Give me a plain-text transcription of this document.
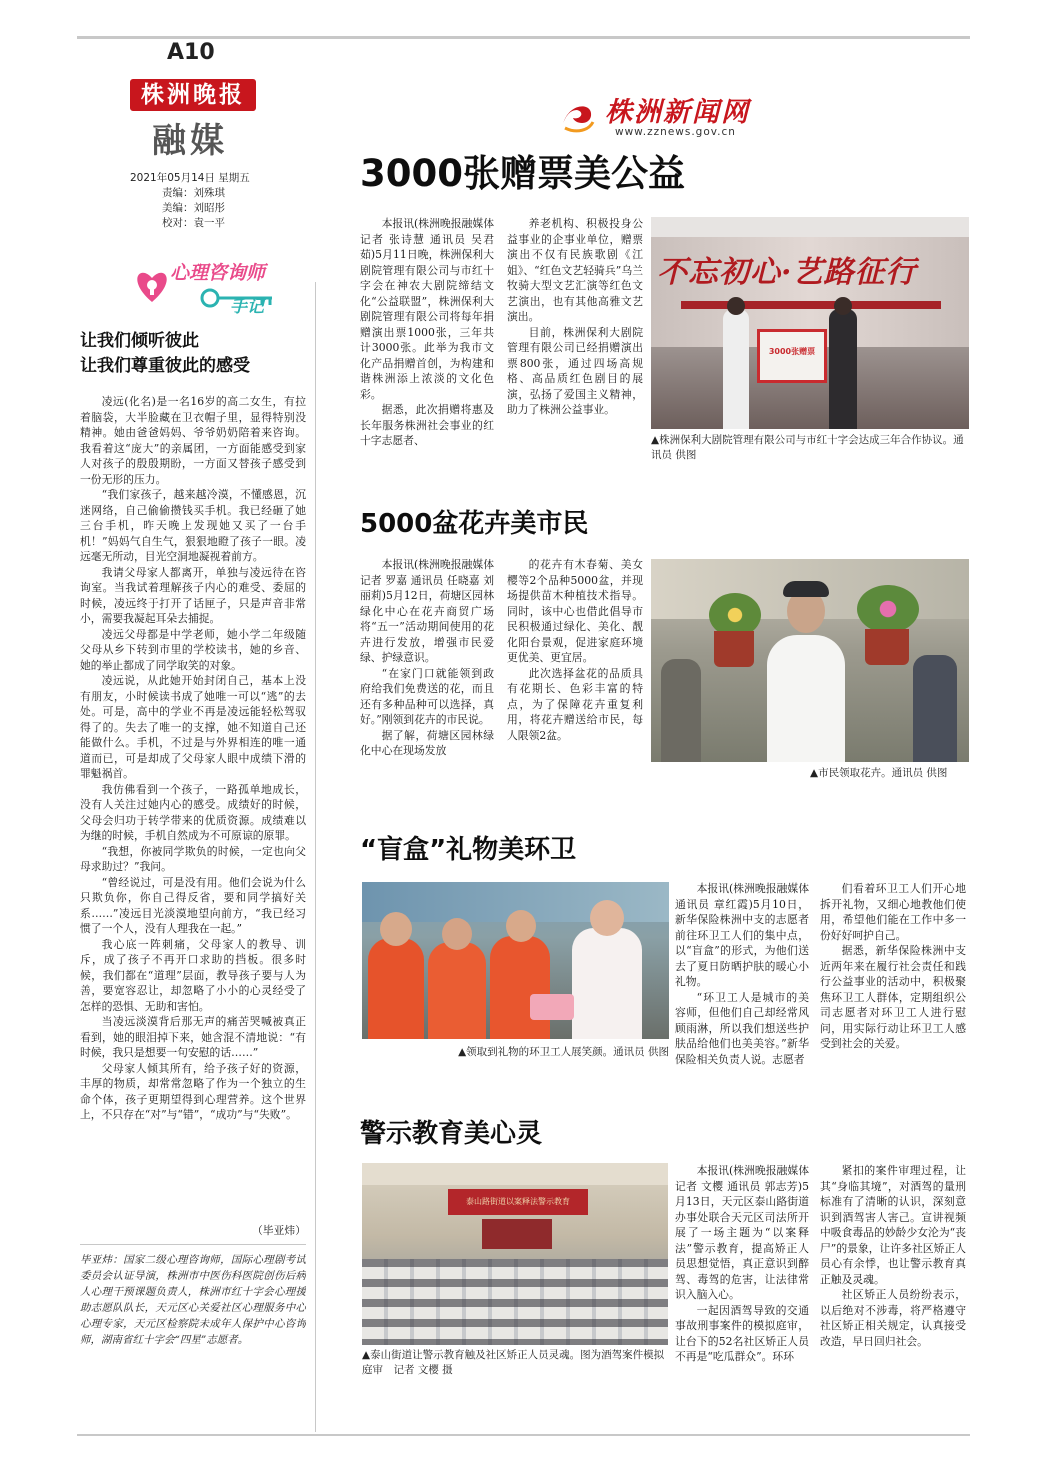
A10
株洲晚报
融媒
2021年05月14日 星期五
责编：刘殊琪
美编：刘昭彤
校对：袁一平
心理咨询师
手记
让我们倾听彼此
让我们尊重彼此的感受

凌远(化名)是一名16岁的高二女生，有拉着脑袋，大半脸藏在卫衣帽子里，显得特别没精神。她由爸爸妈妈、爷爷奶奶陪着来咨询。我看着这“庞大”的亲属团，一方面能感受到家人对孩子的殷殷期盼，一方面又替孩子感受到一份无形的压力。

“我们家孩子，越来越冷漠，不懂感恩，沉迷网络，自己偷偷攒钱买手机。我已经砸了她三台手机，昨天晚上发现她又买了一台手机！”妈妈气自生气，狠狠地瞪了孩子一眼。凌远毫无所动，目光空洞地凝视着前方。

我请父母家人都离开，单独与凌远待在咨询室。当我试着理解孩子内心的难受、委屈的时候，凌远终于打开了话匣子，只是声音非常小，需要我凝起耳朵去捕捉。

凌远父母都是中学老师，她小学二年级随父母从乡下转到市里的学校读书，她的乡音、她的举止都成了同学取笑的对象。

凌远说，从此她开始封闭自己，基本上没有朋友，小时候读书成了她唯一可以“逃”的去处。可是，高中的学业不再是凌远能轻松驾驭得了的。失去了唯一的支撑，她不知道自己还能做什么。手机，不过是与外界相连的唯一通道而已，可是却成了父母家人眼中成绩下滑的罪魁祸首。

我仿佛看到一个孩子，一路孤单地成长，没有人关注过她内心的感受。成绩好的时候，父母会归功于转学带来的优质资源。成绩难以为继的时候，手机自然成为不可原谅的原罪。

“我想，你被同学欺负的时候，一定也向父母求助过？”我问。

“曾经说过，可是没有用。他们会说为什么只欺负你，你自己得反省，要和同学搞好关系……”凌远目光淡漠地望向前方，“我已经习惯了一个人，没有人理我在一起。”

我心底一阵刺痛，父母家人的教导、训斥，成了孩子不再开口求助的挡板。很多时候，我们都在“道理”层面，教导孩子要与人为善，要宽容忍让，却忽略了小小的心灵经受了怎样的恐惧、无助和害怕。

当凌远淡漠背后那无声的痛苦哭喊被真正看到，她的眼泪掉下来，她含混不清地说：“有时候，我只是想要一句安慰的话……”

父母家人倾其所有，给予孩子好的资源，丰厚的物质，却常常忽略了作为一个独立的生命个体，孩子更期望得到心理营养。这个世界上，不只存在“对”与“错”，“成功”与“失败”。

（毕亚炜）
毕亚炜：国家二级心理咨询师，国际心理剧考试委员会认证导演，株洲市中医伤科医院创伤后病人心理干预课题负责人，株洲市红十字会心理援助志愿队队长，天元区心关爱社区心理服务中心心理专家，天元区检察院未成年人保护中心咨询师，湖南省红十字会“四星”志愿者。
株洲新闻网
www.zznews.gov.cn
3000张赠票美公益

本报讯(株洲晚报融媒体记者 张诗慧 通讯员 吴君茹)5月11日晚，株洲保利大剧院管理有限公司与市红十字会在神农大剧院缔结文化“公益联盟”，株洲保利大剧院管理有限公司将每年捐赠演出票1000张，三年共计3000张。此举为我市文化产品捐赠首创，为构建和谐株洲添上浓淡的文化色彩。

据悉，此次捐赠将惠及长年服务株洲社会事业的红十字志愿者、

养老机构、积极投身公益事业的企事业单位，赠票演出不仅有民族歌剧《江姐》、“红色文艺轻骑兵”乌兰牧骑大型文艺汇演等红色文艺演出，也有其他高雅文艺演出。

目前，株洲保利大剧院管理有限公司已经捐赠演出票800张，通过四场高规格、高品质红色剧目的展演，弘扬了爱国主义精神，助力了株洲公益事业。

不忘初心·艺路征行
3000张赠票
▲株洲保利大剧院管理有限公司与市红十字会达成三年合作协议。通讯员 供图
5000盆花卉美市民

本报讯(株洲晚报融媒体记者 罗嘉 通讯员 任晓嘉 刘丽莉)5月12日，荷塘区园林绿化中心在花卉商贸广场将“五一”活动期间使用的花卉进行发放，增强市民爱绿、护绿意识。

“在家门口就能领到政府给我们免费送的花，而且还有多种品种可以选择，真好。”刚领到花卉的市民说。

据了解，荷塘区园林绿化中心在现场发放

的花卉有木春菊、美女樱等2个品种5000盆，并现场提供苗木种植技术指导。同时，该中心也借此倡导市民积极通过绿化、美化、靓化阳台景观，促进家庭环境更优美、更宜居。

此次选择盆花的品质具有花期长、色彩丰富的特点，为了保障花卉重复利用，将花卉赠送给市民，每人限领2盆。

▲市民领取花卉。通讯员 供图
“盲盒”礼物美环卫
▲领取到礼物的环卫工人展笑颜。通讯员 供图

本报讯(株洲晚报融媒体通讯员 章红霞)5月10日，新华保险株洲中支的志愿者前往环卫工人们的集中点，以“盲盒”的形式，为他们送去了夏日防晒护肤的暖心小礼物。

“环卫工人是城市的美容师，但他们自己却经常风顾雨淋，所以我们想送些护肤品给他们也美美容。”新华保险相关负责人说。志愿者

们看着环卫工人们开心地拆开礼物，又细心地教他们使用，希望他们能在工作中多一份好好呵护自己。

据悉，新华保险株洲中支近两年来在履行社会责任和践行公益事业的活动中，积极聚焦环卫工人群体，定期组织公司志愿者对环卫工人进行慰问，用实际行动让环卫工人感受到社会的关爱。

警示教育美心灵
泰山路街道以案释法警示教育
▲泰山街道让警示教育触及社区矫正人员灵魂。图为酒驾案件模拟庭审　记者 文樱 摄

本报讯(株洲晚报融媒体记者 文樱 通讯员 郭志芳)5月13日，天元区泰山路街道办事处联合天元区司法所开展了一场主题为“以案释法”警示教育，提高矫正人员思想觉悟，真正意识到醉驾、毒驾的危害，让法律常识入脑入心。

一起因酒驾导致的交通事故刑事案件的模拟庭审，让台下的52名社区矫正人员不再是“吃瓜群众”。环环

紧扣的案件审理过程，让其“身临其境”，对酒驾的量刑标准有了清晰的认识，深刻意识到酒驾害人害己。宣讲视频中吸食毒品的妙龄少女沦为“丧尸”的景象，让许多社区矫正人员心有余悸，也让警示教育真正触及灵魂。

社区矫正人员纷纷表示，以后绝对不涉毒，将严格遵守社区矫正相关规定，认真接受改造，早日回归社会。
